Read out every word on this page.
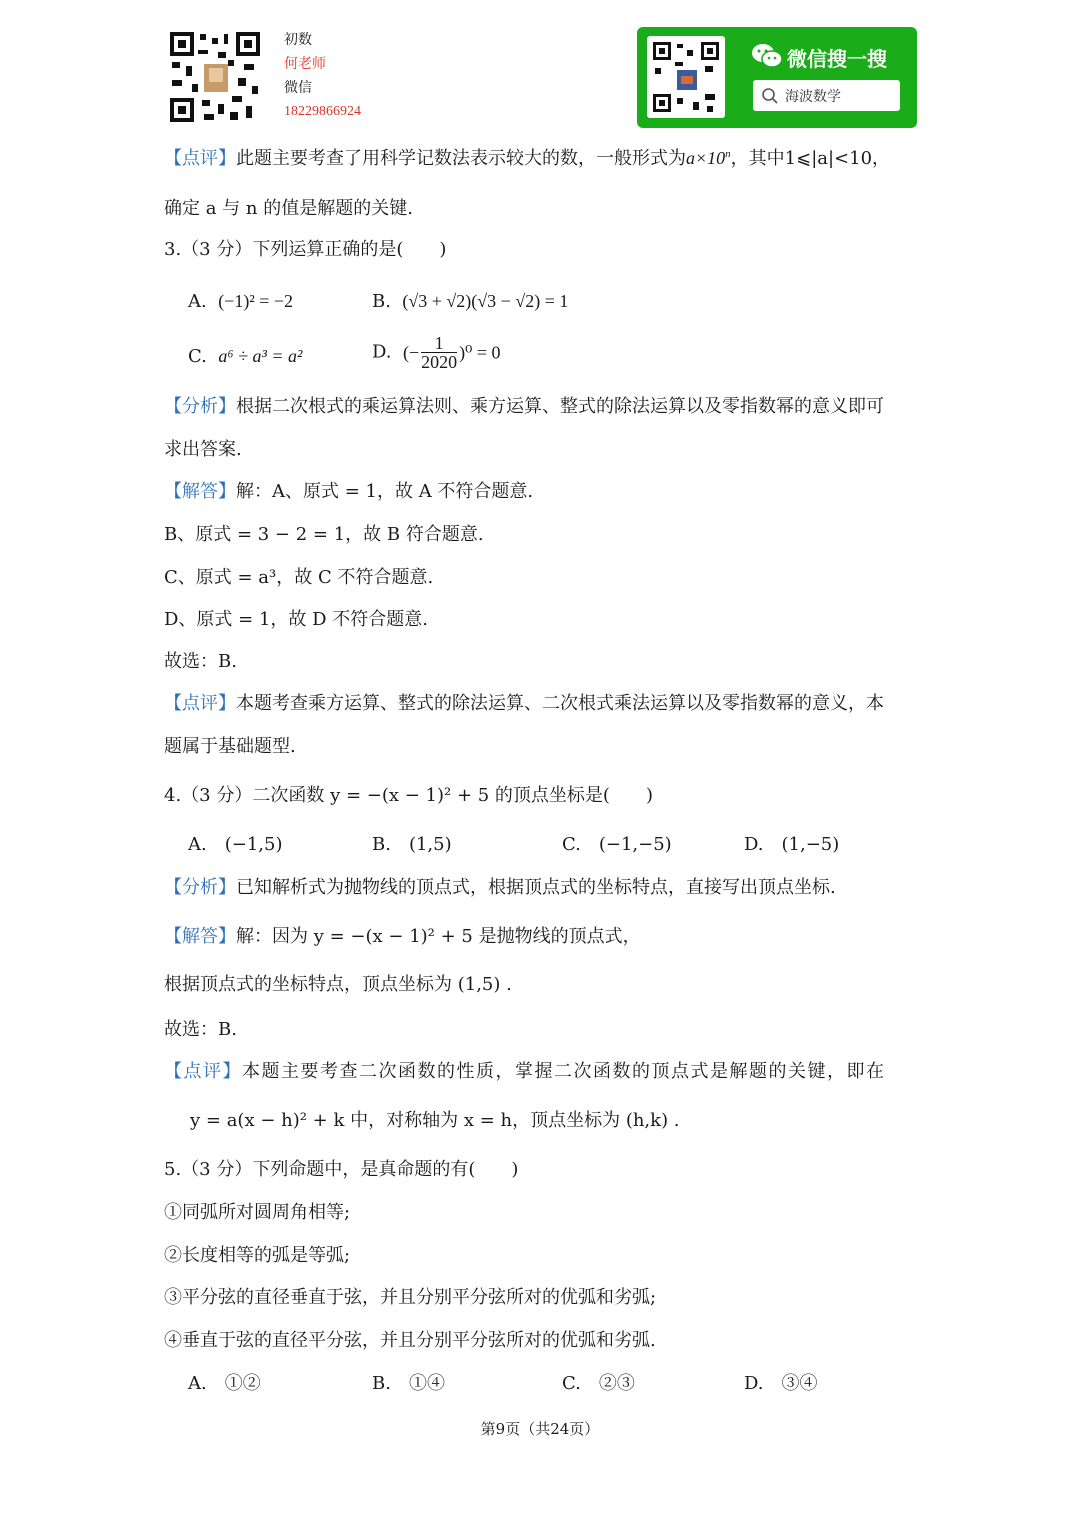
初数
何老师
微信
18229866924
微信搜一搜
海波数学
【点评】此题主要考查了用科学记数法表示较大的数，一般形式为$a\times 10^n$，其中1⩽|a|<10，
确定 a 与 n 的值是解题的关键.
3.（3 分）下列运算正确的是(　　)
A. (−1)² = −2	B. (√3 + √2)(√3 − √2) = 1
C. a⁶ ÷ a³ = a²	D. (− $\frac{1}{2020} )^0 = 0$
【分析】根据二次根式的乘运算法则、乘方运算、整式的除法运算以及零指数幂的意义即可
求出答案.
【解答】解：A、原式 = 1，故 A 不符合题意.
B、原式 = 3 − 2 = 1，故 B 符合题意.
C、原式 = a³，故 C 不符合题意.
D、原式 = 1，故 D 不符合题意.
故选：B.
【点评】本题考查乘方运算、整式的除法运算、二次根式乘法运算以及零指数幂的意义，本
题属于基础题型.
4.（3 分）二次函数 y = −(x − 1)² + 5 的顶点坐标是(　　)
A.　(−1,5)	B.　(1,5)	C.　(−1,−5)	D.　(1,−5)
【分析】已知解析式为抛物线的顶点式，根据顶点式的坐标特点，直接写出顶点坐标.
【解答】解：因为 y = −(x − 1)² + 5 是抛物线的顶点式，
根据顶点式的坐标特点，顶点坐标为 (1,5) .
故选：B.
【点评】本题主要考查二次函数的性质，掌握二次函数的顶点式是解题的关键，即在
y = a(x − h)² + k 中，对称轴为 x = h，顶点坐标为 (h,k) .
5.（3 分）下列命题中，是真命题的有(　　)
①同弧所对圆周角相等;
②长度相等的弧是等弧;
③平分弦的直径垂直于弦，并且分别平分弦所对的优弧和劣弧;
④垂直于弦的直径平分弦，并且分别平分弦所对的优弧和劣弧.
A.　①②	B.　①④	C.　②③	D.　③④
第9页（共24页）
